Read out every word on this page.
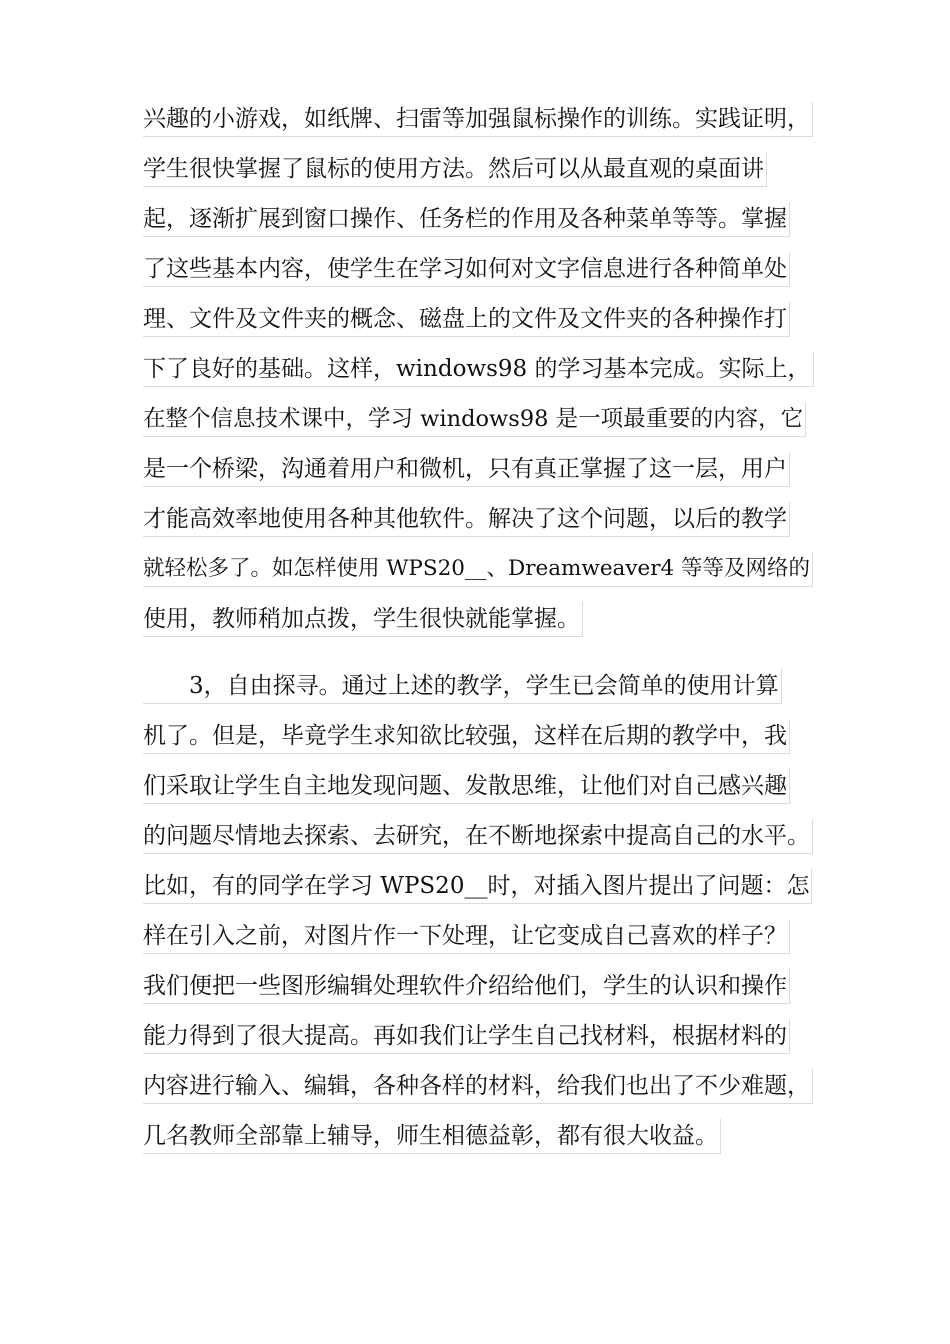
兴趣的小游戏，如纸牌、扫雷等加强鼠标操作的训练。实践证明，
学生很快掌握了鼠标的使用方法。然后可以从最直观的桌面讲
起，逐渐扩展到窗口操作、任务栏的作用及各种菜单等等。掌握
了这些基本内容，使学生在学习如何对文字信息进行各种简单处
理、文件及文件夹的概念、磁盘上的文件及文件夹的各种操作打
下了良好的基础。这样，windows98 的学习基本完成。实际上，
在整个信息技术课中，学习 windows98 是一项最重要的内容，它
是一个桥梁，沟通着用户和微机，只有真正掌握了这一层，用户
才能高效率地使用各种其他软件。解决了这个问题，以后的教学
就轻松多了。如怎样使用 WPS20__、Dreamweaver4 等等及网络的
使用，教师稍加点拨，学生很快就能掌握。
　　3，自由探寻。通过上述的教学，学生已会简单的使用计算
机了。但是，毕竟学生求知欲比较强，这样在后期的教学中，我
们采取让学生自主地发现问题、发散思维，让他们对自己感兴趣
的问题尽情地去探索、去研究，在不断地探索中提高自己的水平。
比如，有的同学在学习 WPS20__时，对插入图片提出了问题：怎
样在引入之前，对图片作一下处理，让它变成自己喜欢的样子？
我们便把一些图形编辑处理软件介绍给他们，学生的认识和操作
能力得到了很大提高。再如我们让学生自己找材料，根据材料的
内容进行输入、编辑，各种各样的材料，给我们也出了不少难题，
几名教师全部靠上辅导，师生相德益彰，都有很大收益。
